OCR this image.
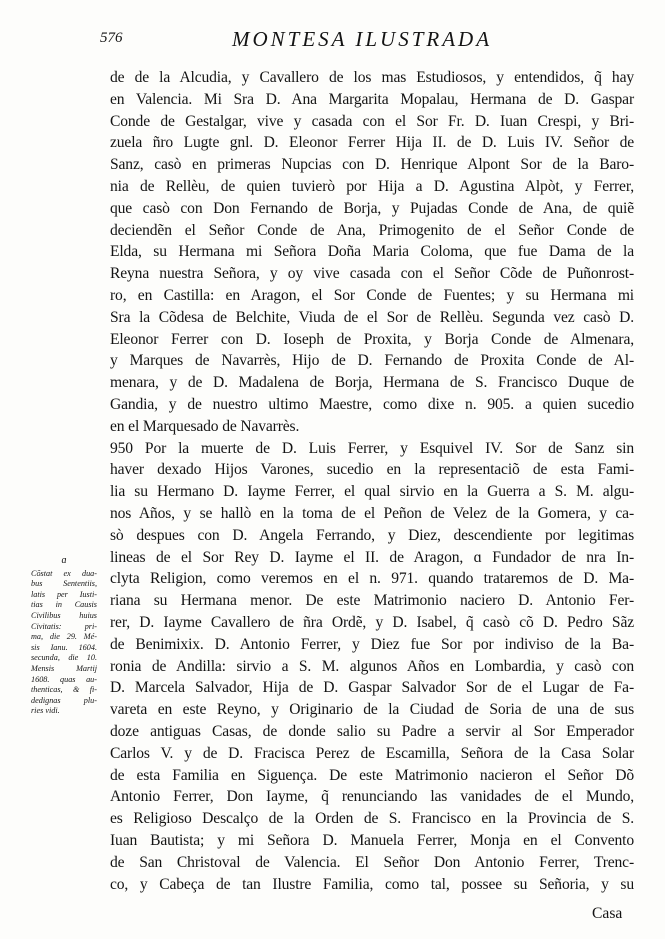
576	MONTESA ILUSTRADA
ɑ
Cõstat ex dua-
bus Sententiis,
latis per Iusti-
tias in Causis
Civilibus huius
Civitatis: pri-
ma, die 29. Mé-
sis Ianu. 1604.
secunda, die 10.
Mensis Martij
1608. quas au-
thenticas, & fi-
dedignas plu-
ries vidi.
de de la Alcudia, y Cavallero de los mas Estudiosos, y entendidos, q̃ hay
en Valencia. Mi Sra D. Ana Margarita Mopalau, Hermana de D. Gaspar
Conde de Gestalgar, vive y casada con el Sor Fr. D. Iuan Crespi, y Bri-
zuela ñro Lugte gnl. D. Eleonor Ferrer Hija II. de D. Luis IV. Señor de
Sanz, casò en primeras Nupcias con D. Henrique Alpont Sor de la Baro-
nia de Rellèu, de quien tuvierò por Hija a D. Agustina Alpòt, y Ferrer,
que casò con Don Fernando de Borja, y Pujadas Conde de Ana, de quiẽ
deciendẽn el Señor Conde de Ana, Primogenito de el Señor Conde de
Elda, su Hermana mi Señora Doña Maria Coloma, que fue Dama de la
Reyna nuestra Señora, y oy vive casada con el Señor Cõde de Puñonrost-
ro, en Castilla: en Aragon, el Sor Conde de Fuentes; y su Hermana mi
Sra la Cõdesa de Belchite, Viuda de el Sor de Rellèu. Segunda vez casò D.
Eleonor Ferrer con D. Ioseph de Proxita, y Borja Conde de Almenara,
y Marques de Navarrès, Hijo de D. Fernando de Proxita Conde de Al-
menara, y de D. Madalena de Borja, Hermana de S. Francisco Duque de
Gandia, y de nuestro ultimo Maestre, como dixe n. 905. a quien sucedio
en el Marquesado de Navarrès.
950 Por la muerte de D. Luis Ferrer, y Esquivel IV. Sor de Sanz sin
haver dexado Hijos Varones, sucedio en la representaciõ de esta Fami-
lia su Hermano D. Iayme Ferrer, el qual sirvio en la Guerra a S. M. algu-
nos Años, y se hallò en la toma de el Peñon de Velez de la Gomera, y ca-
sò despues con D. Angela Ferrando, y Diez, descendiente por legitimas
lineas de el Sor Rey D. Iayme el II. de Aragon, ɑ Fundador de nra In-
clyta Religion, como veremos en el n. 971. quando trataremos de D. Ma-
riana su Hermana menor. De este Matrimonio naciero D. Antonio Fer-
rer, D. Iayme Cavallero de ñra Ordẽ, y D. Isabel, q̃ casò cõ D. Pedro Sãz
de Benimixix. D. Antonio Ferrer, y Diez fue Sor por indiviso de la Ba-
ronia de Andilla: sirvio a S. M. algunos Años en Lombardia, y casò con
D. Marcela Salvador, Hija de D. Gaspar Salvador Sor de el Lugar de Fa-
vareta en este Reyno, y Originario de la Ciudad de Soria de una de sus
doze antiguas Casas, de donde salio su Padre a servir al Sor Emperador
Carlos V. y de D. Fracisca Perez de Escamilla, Señora de la Casa Solar
de esta Familia en Siguença. De este Matrimonio nacieron el Señor Dõ
Antonio Ferrer, Don Iayme, q̃ renunciando las vanidades de el Mundo,
es Religioso Descalço de la Orden de S. Francisco en la Provincia de S.
Iuan Bautista; y mi Señora D. Manuela Ferrer, Monja en el Convento
de San Christoval de Valencia. El Señor Don Antonio Ferrer, Trenc-
co, y Cabeça de tan Ilustre Familia, como tal, possee su Señoria, y su
Casa
